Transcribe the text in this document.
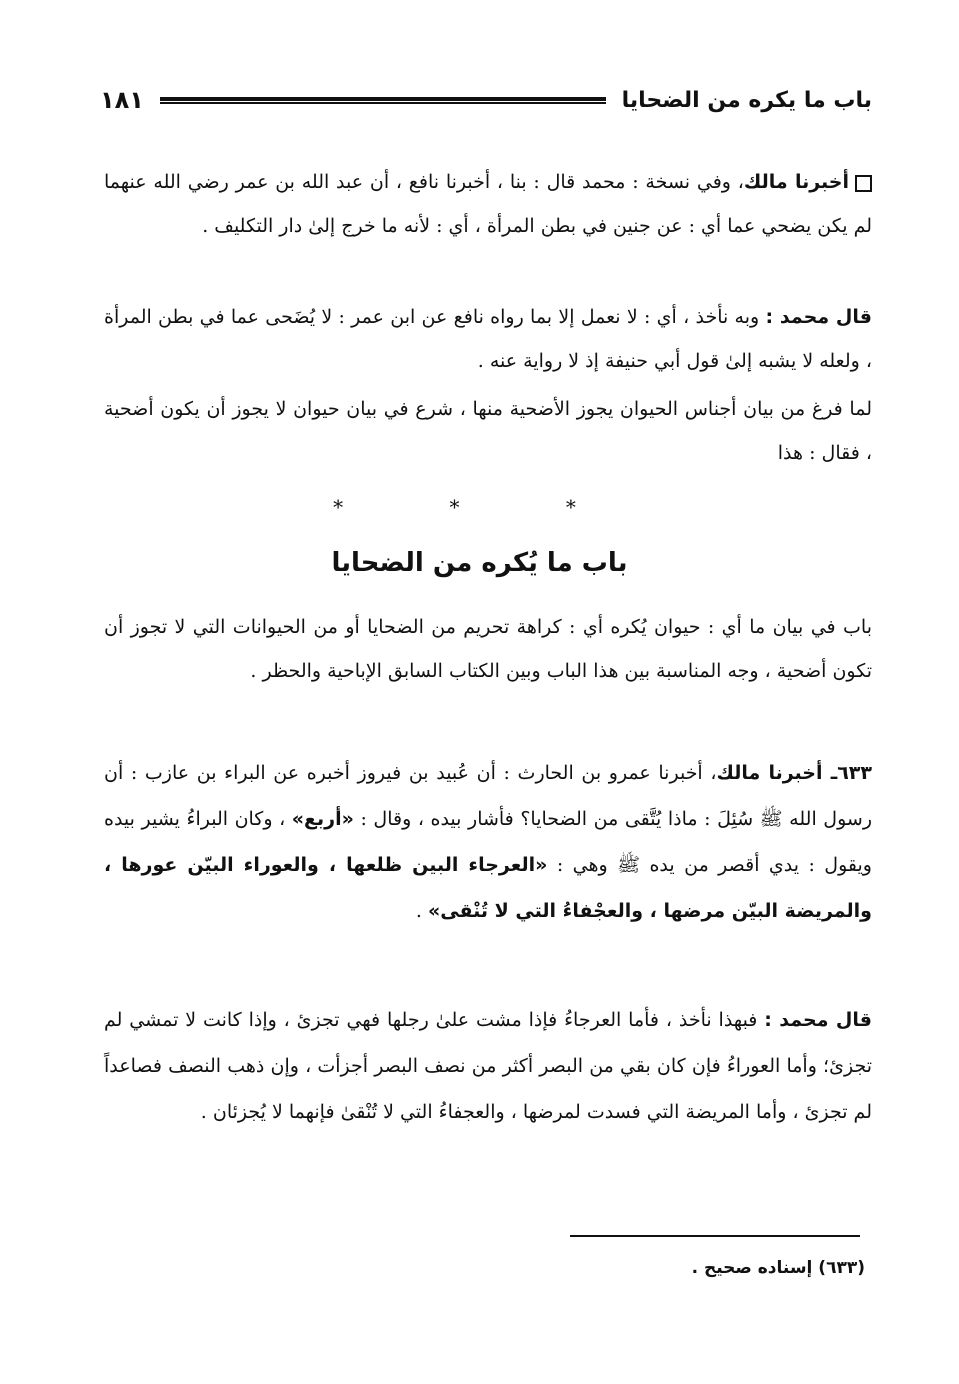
باب ما يكره من الضحايا
١٨١
أخبرنا مالك، وفي نسخة : محمد قال : بنا ، أخبرنا نافع ، أن عبد الله بن عمر رضي الله عنهما لم يكن يضحي عما أي : عن جنين في بطن المرأة ، أي : لأنه ما خرج إلىٰ دار التكليف .
قال محمد : وبه نأخذ ، أي : لا نعمل إلا بما رواه نافع عن ابن عمر : لا يُضَحى عما في بطن المرأة ، ولعله لا يشبه إلىٰ قول أبي حنيفة إذ لا رواية عنه .
لما فرغ من بيان أجناس الحيوان يجوز الأضحية منها ، شرع في بيان حيوان لا يجوز أن يكون أضحية ، فقال : هذا
* * *
باب ما يُكره من الضحايا
باب في بيان ما أي : حيوان يُكره أي : كراهة تحريم من الضحايا أو من الحيوانات التي لا تجوز أن تكون أضحية ، وجه المناسبة بين هذا الباب وبين الكتاب السابق الإباحية والحظر .
٦٣٣ـ أخبرنا مالك، أخبرنا عمرو بن الحارث : أن عُبيد بن فيروز أخبره عن البراء بن عازب : أن رسول الله ﷺ سُئِلَ : ماذا يُتَّقى من الضحايا؟ فأشار بيده ، وقال : «أربع» ، وكان البراءُ يشير بيده ويقول : يدي أقصر من يده ﷺ وهي : «العرجاء البين ظلعها ، والعوراء البيّن عورها ، والمريضة البيّن مرضها ، والعجْفاءُ التي لا تُنْقى» .
قال محمد : فبهذا نأخذ ، فأما العرجاءُ فإذا مشت علىٰ رجلها فهي تجزئ ، وإذا كانت لا تمشي لم تجزئ؛ وأما العوراءُ فإن كان بقي من البصر أكثر من نصف البصر أجزأت ، وإن ذهب النصف فصاعداً لم تجزئ ، وأما المريضة التي فسدت لمرضها ، والعجفاءُ التي لا تُنْقىٰ فإنهما لا يُجزئان .
(٦٣٣) إسناده صحيح .
